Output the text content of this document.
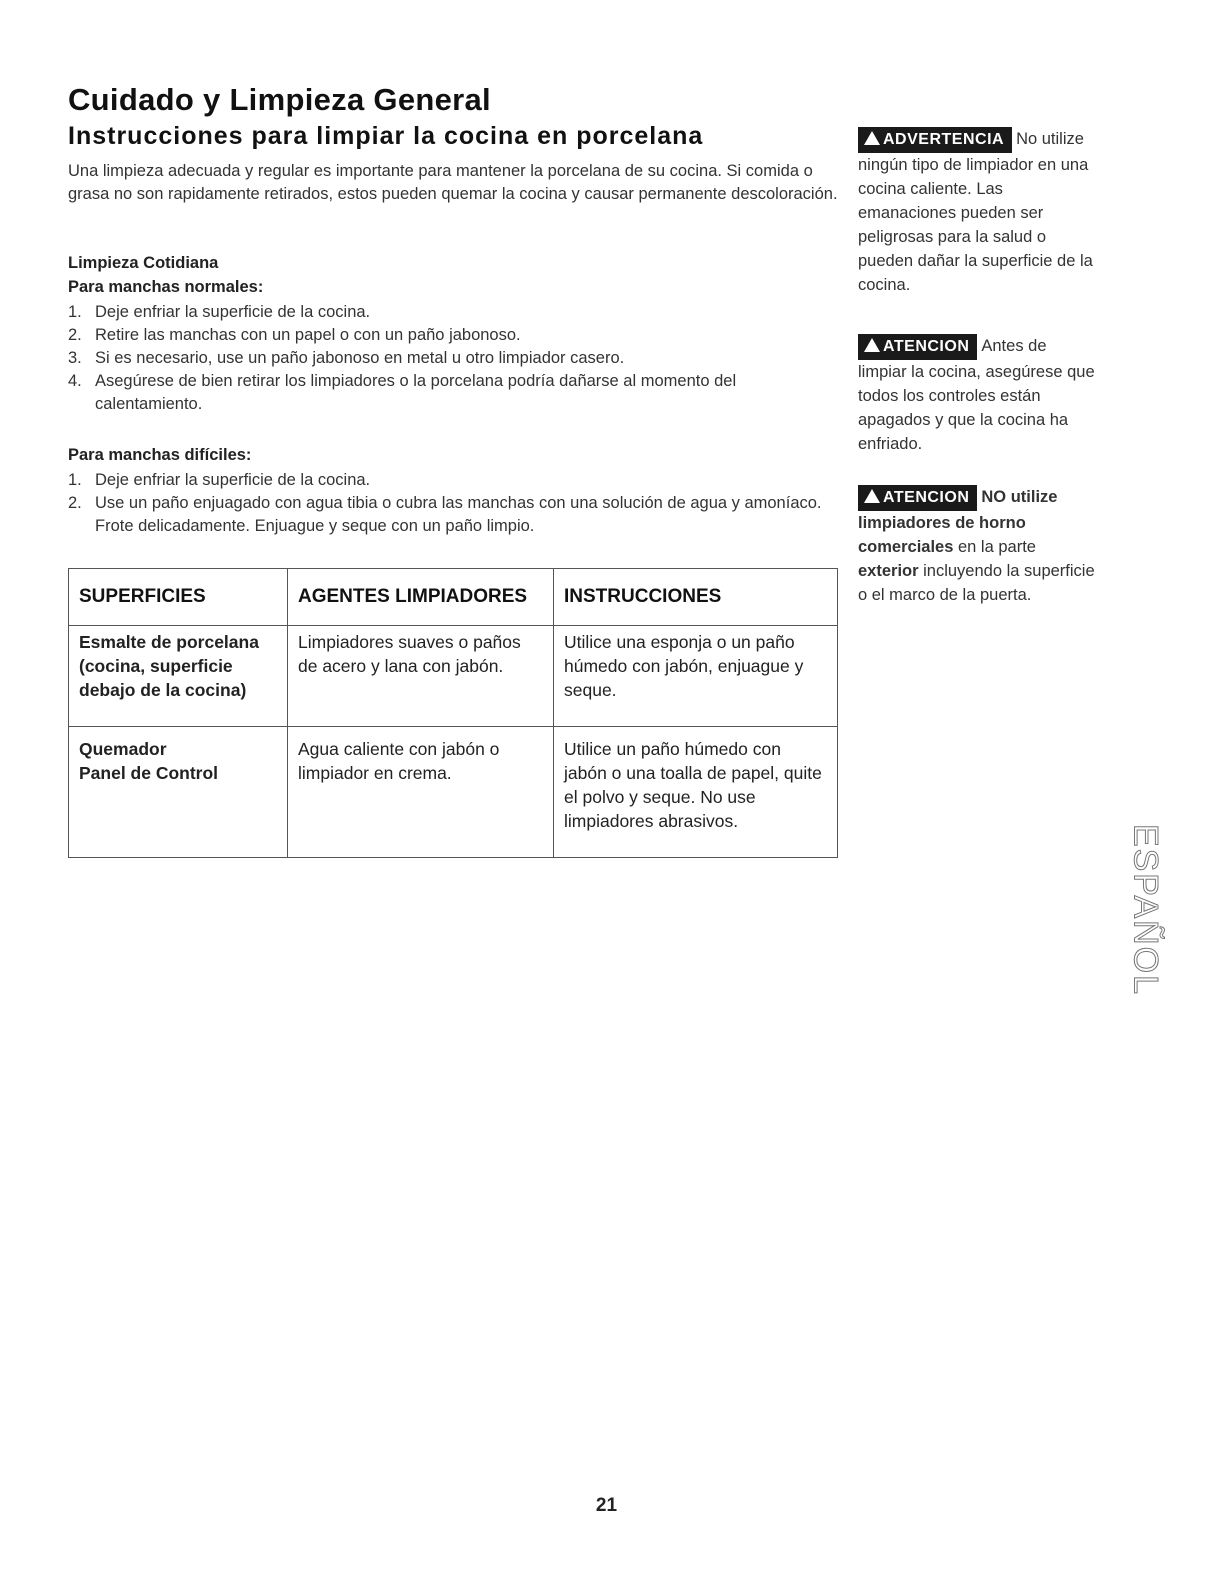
Cuidado y Limpieza General
Instrucciones para limpiar la cocina en porcelana
Una limpieza adecuada y regular es importante para mantener la porcelana de su cocina. Si comida o grasa no son rapidamente retirados, estos pueden quemar la cocina y causar permanente descoloración.
Limpieza Cotidiana
Para manchas normales:
1. Deje enfriar la superficie de la cocina.
2. Retire las manchas con un papel o con un paño jabonoso.
3. Si es necesario, use un paño jabonoso en metal u otro limpiador casero.
4. Asegúrese de bien retirar los limpiadores o la porcelana podría dañarse al momento del calentamiento.
Para manchas difíciles:
1. Deje enfriar la superficie de la cocina.
2. Use un paño enjuagado con agua tibia o cubra las manchas con una solución de agua y amoníaco. Frote delicadamente. Enjuague y seque con un paño limpio.
SUPERFICIES	AGENTES LIMPIADORES	INSTRUCCIONES
Esmalte de porcelana (cocina, superficie debajo de la cocina)	Limpiadores suaves o paños de acero y lana con jabón.	Utilice una esponja o un paño húmedo con jabón, enjuague y seque.

Quemador
Panel de Control	Agua caliente con jabón o limpiador en crema.	Utilice un paño húmedo con jabón o una toalla de papel, quite el polvo y seque. No use limpiadores abrasivos.
ADVERTENCIA No utilize ningún tipo de limpiador en una cocina caliente. Las emanaciones pueden ser peligrosas para la salud o pueden dañar la superficie de la cocina.
ATENCION Antes de limpiar la cocina, asegúrese que todos los controles están apagados y que la cocina ha enfriado.
ATENCION NO utilize limpiadores de horno comerciales en la parte exterior incluyendo la superficie o el marco de la puerta.
ESPAÑOL
21
